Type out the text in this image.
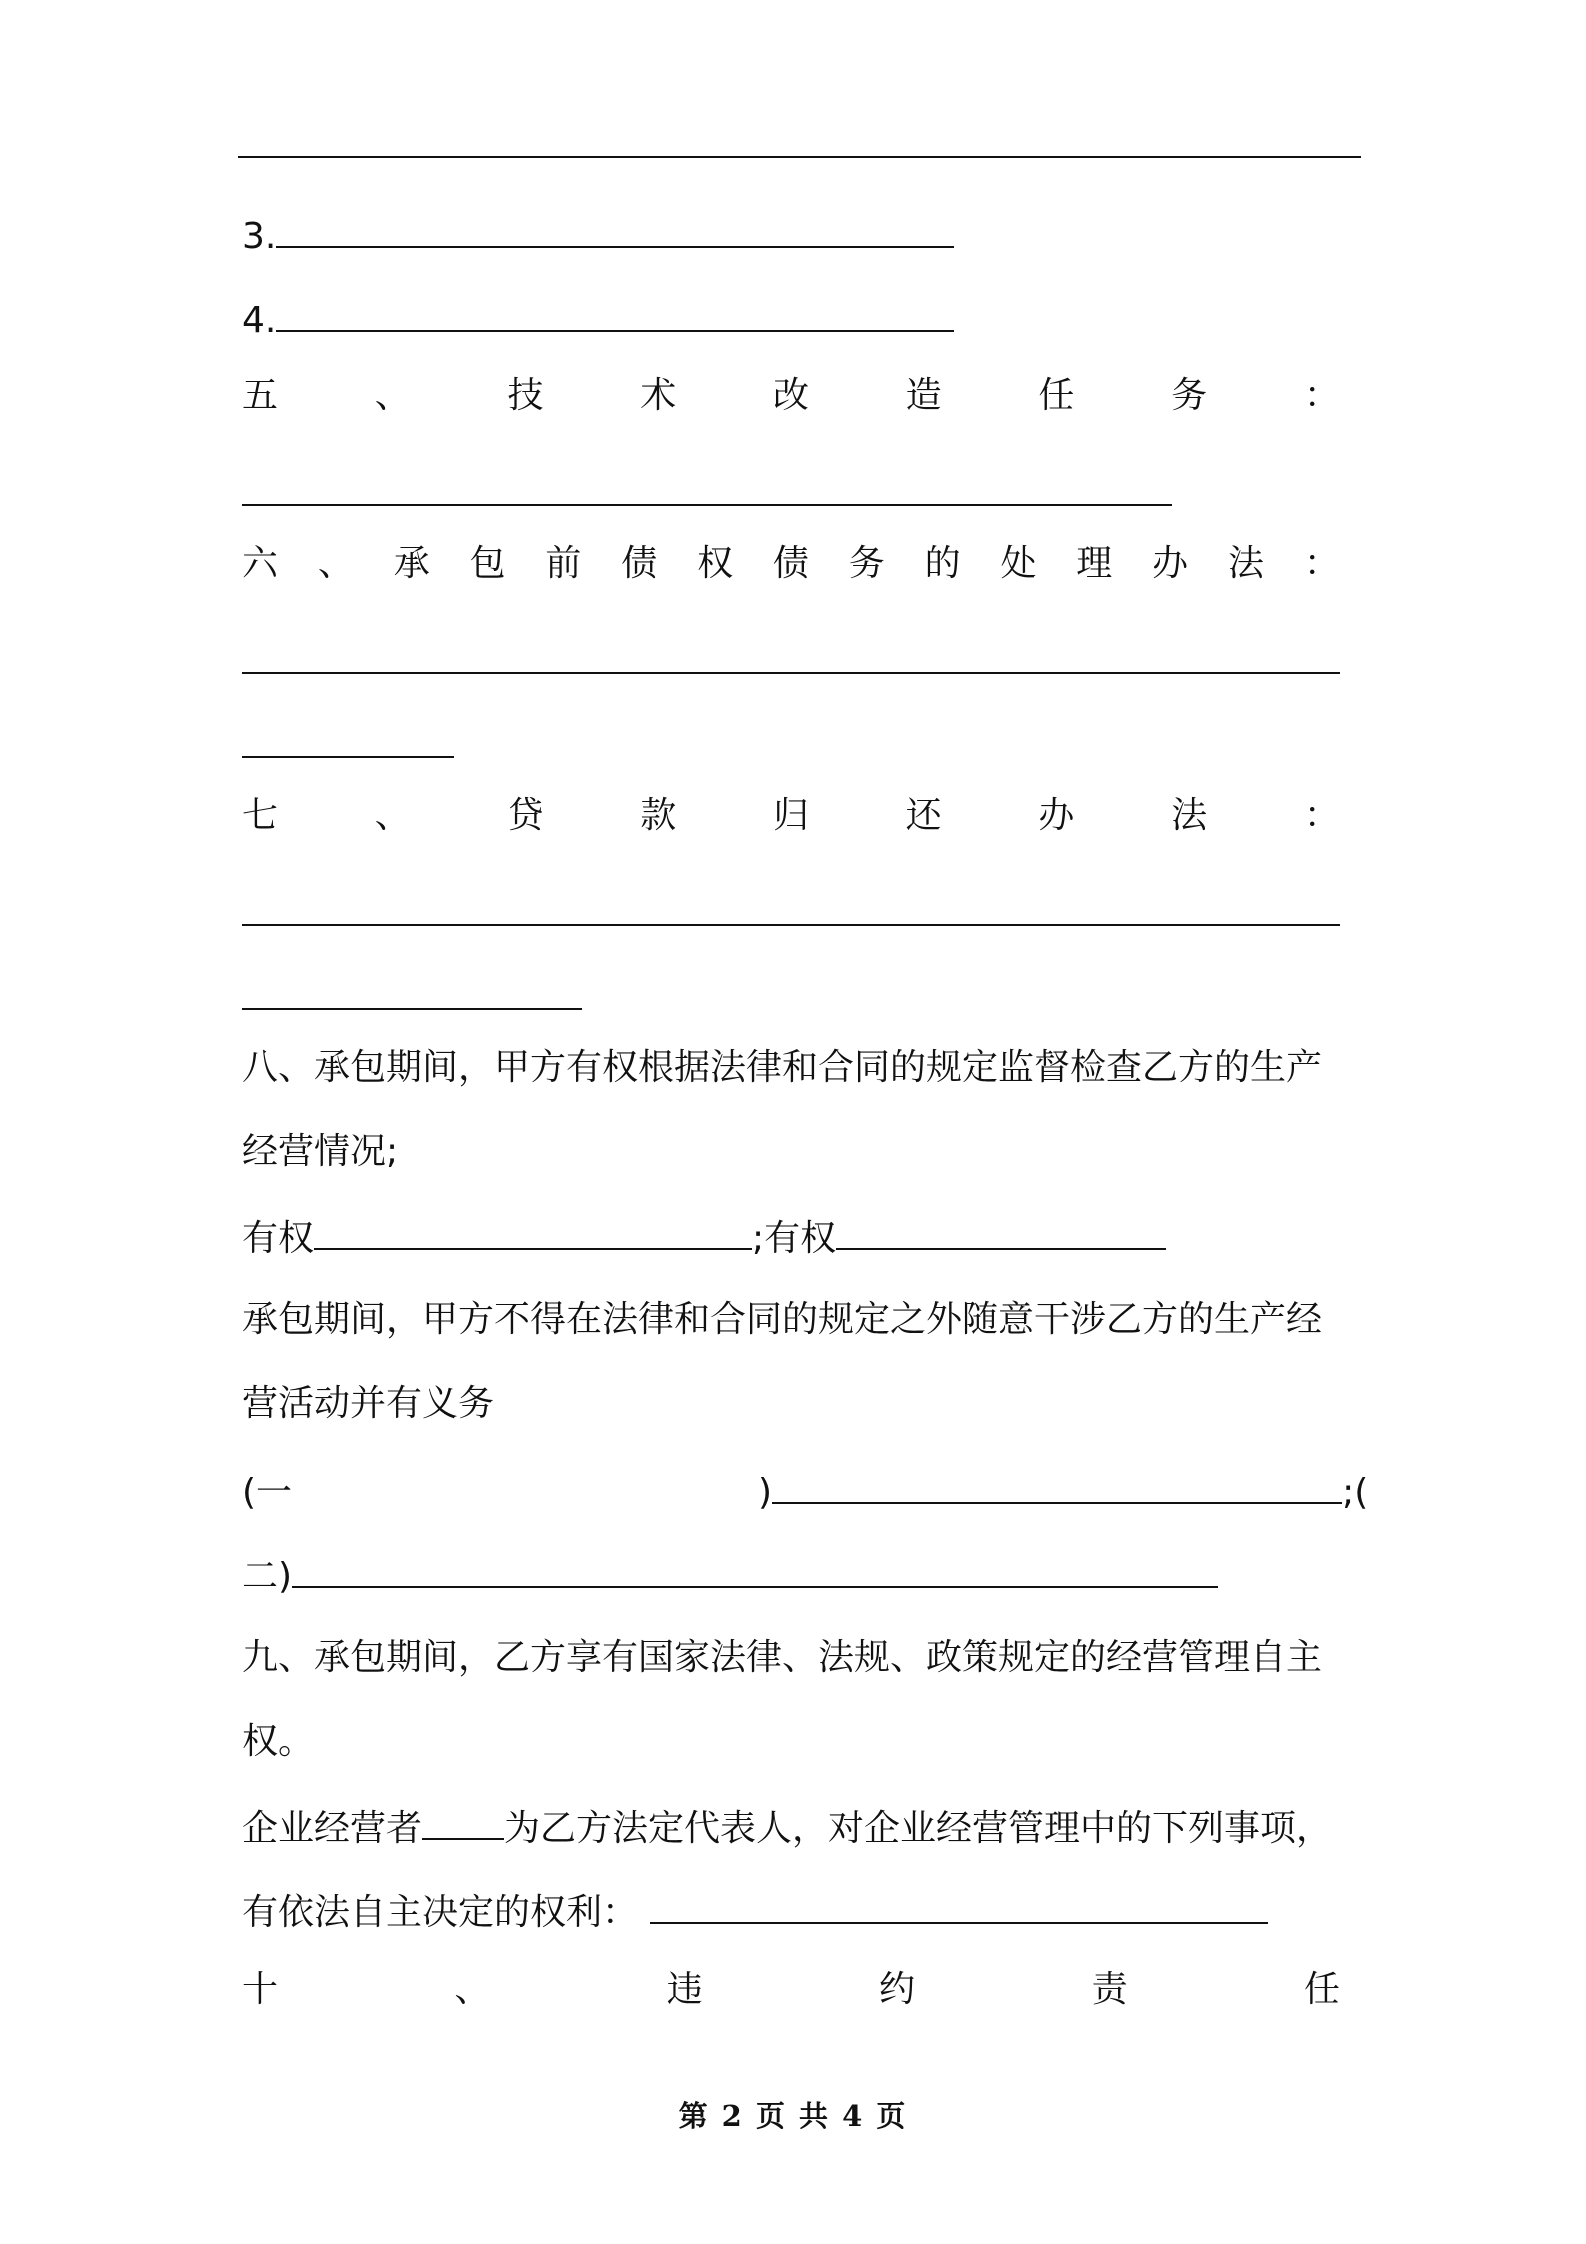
3.
4.
五	、	技	术	改	造	任	务	：
六 、 承 包 前 债 权 债 务 的 处 理 办 法 ：
七	、	贷	款	归	还	办	法	：
八、承包期间，甲方有权根据法律和合同的规定监督检查乙方的生产
经营情况;
有权	;有权
承包期间，甲方不得在法律和合同的规定之外随意干涉乙方的生产经
营活动并有义务
(一	)	;(
二)
九、承包期间，乙方享有国家法律、法规、政策规定的经营管理自主
权。
企业经营者 为乙方法定代表人，对企业经营管理中的下列事项，
有依法自主决定的权利：
十	、	违	约	责	任
第 2 页 共 4 页
